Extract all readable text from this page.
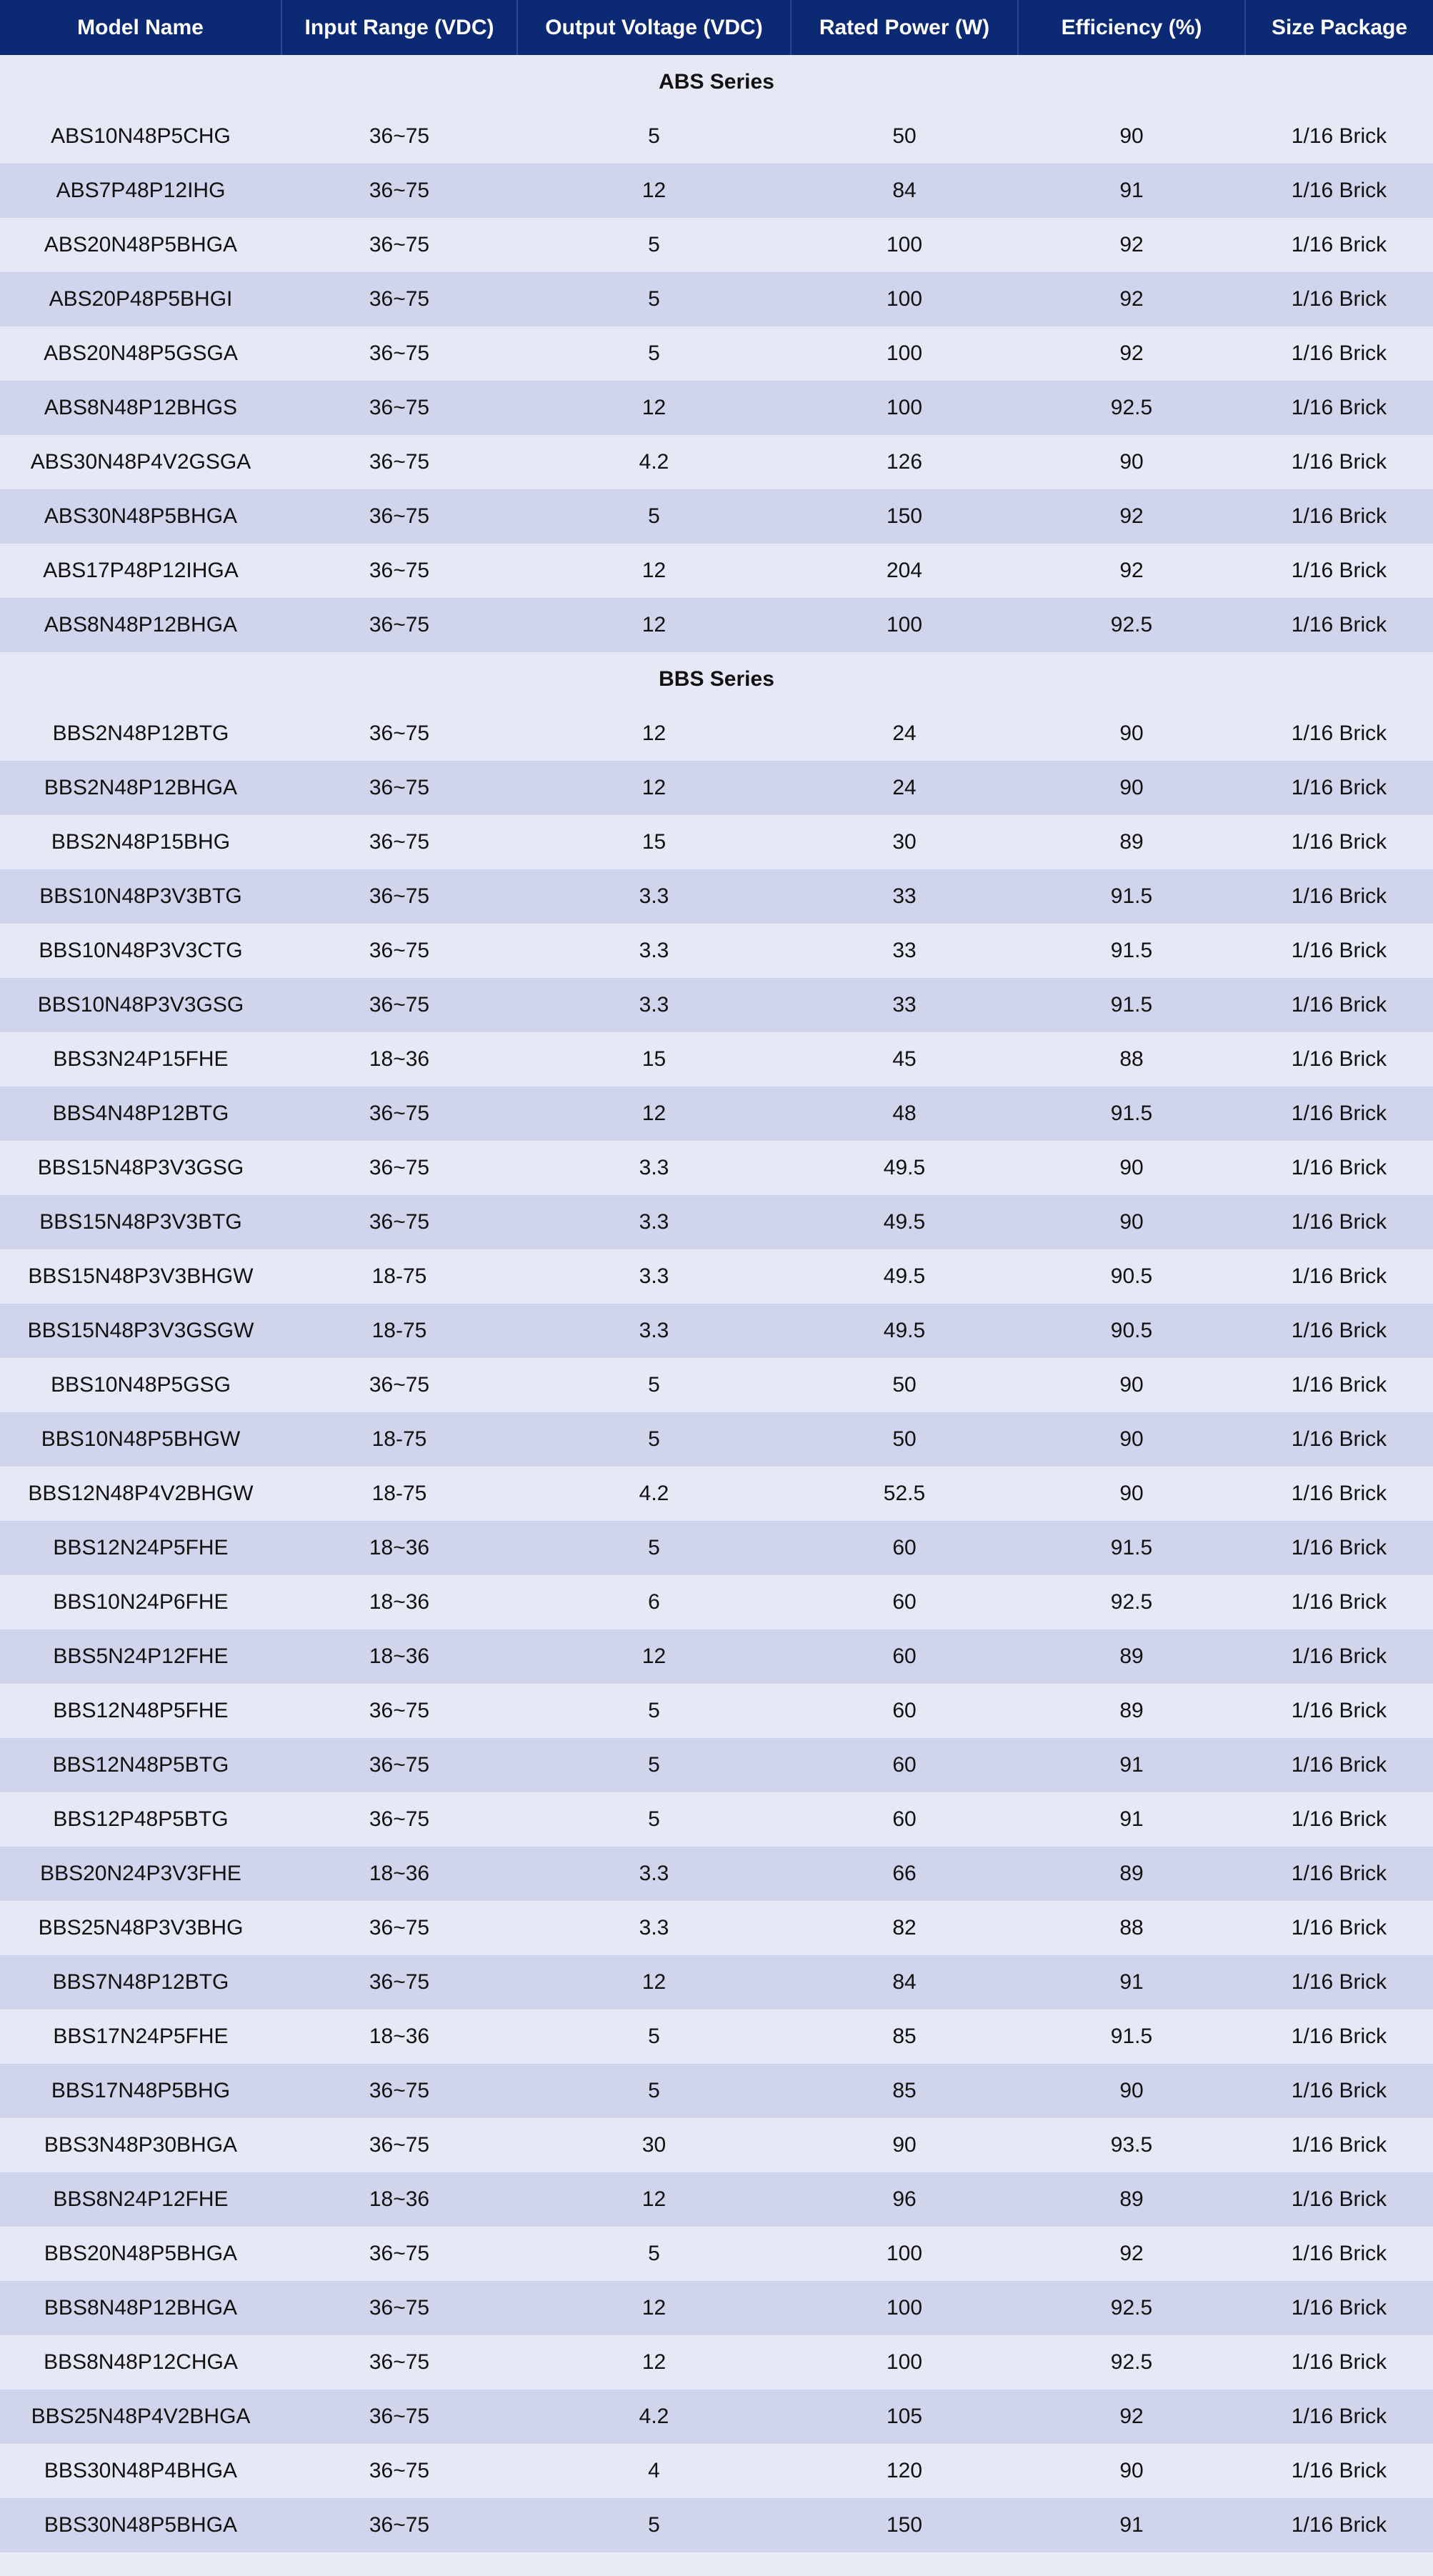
Model Name	Input Range (VDC)	Output Voltage (VDC)	Rated Power (W)	Efficiency (%)	Size Package
ABS Series					
ABS10N48P5CHG	36~75	5	50	90	1/16 Brick
ABS7P48P12IHG	36~75	12	84	91	1/16 Brick
ABS20N48P5BHGA	36~75	5	100	92	1/16 Brick
ABS20P48P5BHGI	36~75	5	100	92	1/16 Brick
ABS20N48P5GSGA	36~75	5	100	92	1/16 Brick
ABS8N48P12BHGS	36~75	12	100	92.5	1/16 Brick
ABS30N48P4V2GSGA	36~75	4.2	126	90	1/16 Brick
ABS30N48P5BHGA	36~75	5	150	92	1/16 Brick
ABS17P48P12IHGA	36~75	12	204	92	1/16 Brick
ABS8N48P12BHGA	36~75	12	100	92.5	1/16 Brick
BBS Series					
BBS2N48P12BTG	36~75	12	24	90	1/16 Brick
BBS2N48P12BHGA	36~75	12	24	90	1/16 Brick
BBS2N48P15BHG	36~75	15	30	89	1/16 Brick
BBS10N48P3V3BTG	36~75	3.3	33	91.5	1/16 Brick
BBS10N48P3V3CTG	36~75	3.3	33	91.5	1/16 Brick
BBS10N48P3V3GSG	36~75	3.3	33	91.5	1/16 Brick
BBS3N24P15FHE	18~36	15	45	88	1/16 Brick
BBS4N48P12BTG	36~75	12	48	91.5	1/16 Brick
BBS15N48P3V3GSG	36~75	3.3	49.5	90	1/16 Brick
BBS15N48P3V3BTG	36~75	3.3	49.5	90	1/16 Brick
BBS15N48P3V3BHGW	18-75	3.3	49.5	90.5	1/16 Brick
BBS15N48P3V3GSGW	18-75	3.3	49.5	90.5	1/16 Brick
BBS10N48P5GSG	36~75	5	50	90	1/16 Brick
BBS10N48P5BHGW	18-75	5	50	90	1/16 Brick
BBS12N48P4V2BHGW	18-75	4.2	52.5	90	1/16 Brick
BBS12N24P5FHE	18~36	5	60	91.5	1/16 Brick
BBS10N24P6FHE	18~36	6	60	92.5	1/16 Brick
BBS5N24P12FHE	18~36	12	60	89	1/16 Brick
BBS12N48P5FHE	36~75	5	60	89	1/16 Brick
BBS12N48P5BTG	36~75	5	60	91	1/16 Brick
BBS12P48P5BTG	36~75	5	60	91	1/16 Brick
BBS20N24P3V3FHE	18~36	3.3	66	89	1/16 Brick
BBS25N48P3V3BHG	36~75	3.3	82	88	1/16 Brick
BBS7N48P12BTG	36~75	12	84	91	1/16 Brick
BBS17N24P5FHE	18~36	5	85	91.5	1/16 Brick
BBS17N48P5BHG	36~75	5	85	90	1/16 Brick
BBS3N48P30BHGA	36~75	30	90	93.5	1/16 Brick
BBS8N24P12FHE	18~36	12	96	89	1/16 Brick
BBS20N48P5BHGA	36~75	5	100	92	1/16 Brick
BBS8N48P12BHGA	36~75	12	100	92.5	1/16 Brick
BBS8N48P12CHGA	36~75	12	100	92.5	1/16 Brick
BBS25N48P4V2BHGA	36~75	4.2	105	92	1/16 Brick
BBS30N48P4BHGA	36~75	4	120	90	1/16 Brick
BBS30N48P5BHGA	36~75	5	150	91	1/16 Brick
